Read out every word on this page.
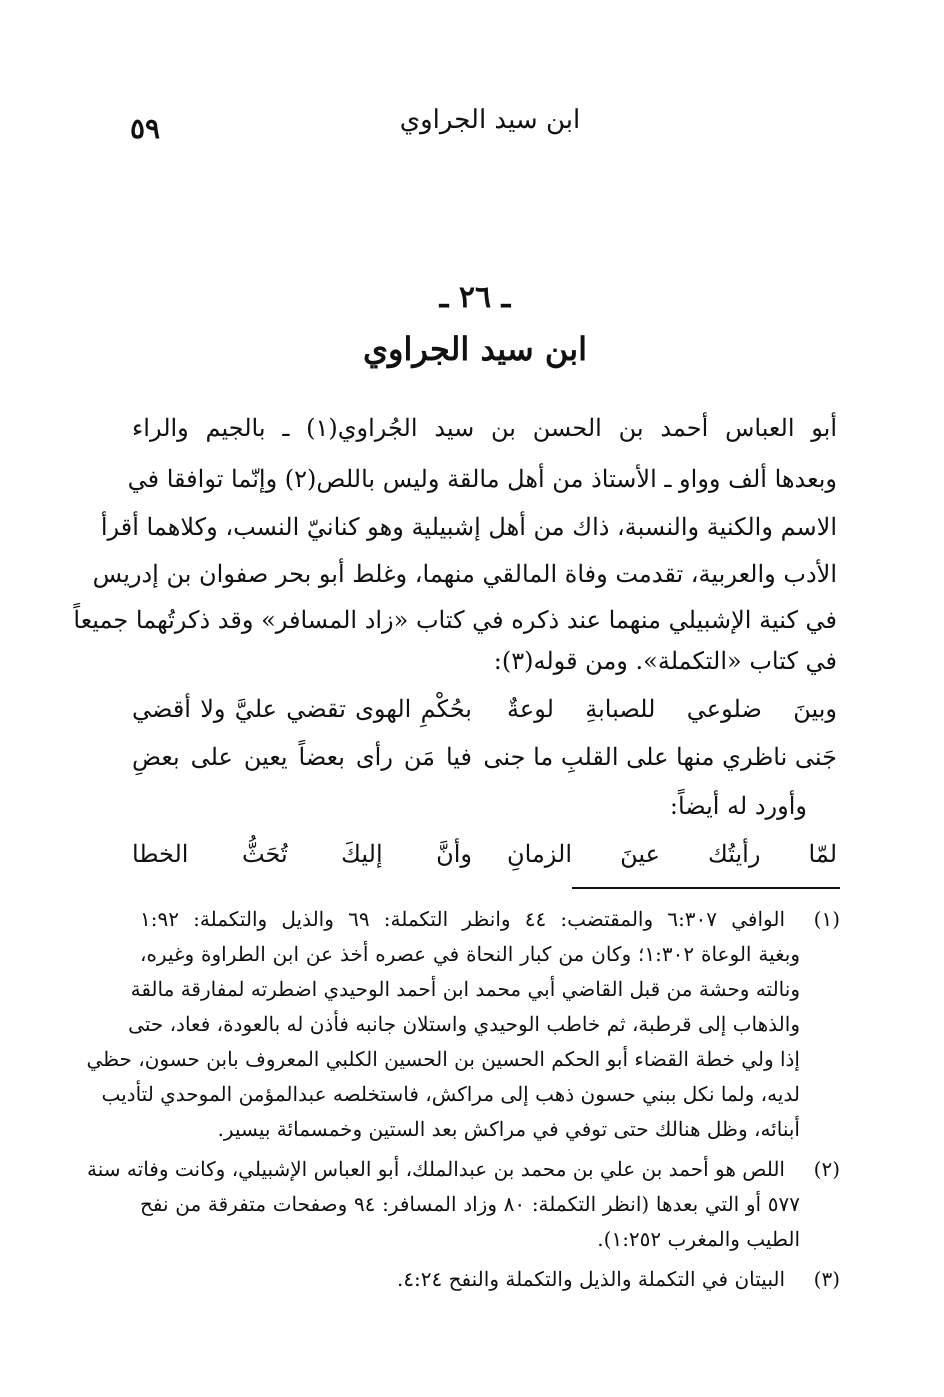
٥٩	ابن سيد الجراوي
ـ ٢٦ ـ
ابن سيد الجراوي
أبو العباس أحمد بن الحسن بن سيد الجُراوي(١) ـ بالجيم والراء
وبعدها ألف وواو ـ الأستاذ من أهل مالقة وليس باللص(٢) وإنّما توافقا في
الاسم والكنية والنسبة، ذاك من أهل إشبيلية وهو كنانيّ النسب، وكلاهما أقرأ
الأدب والعربية، تقدمت وفاة المالقي منهما، وغلط أبو بحر صفوان بن إدريس
في كنية الإشبيلي منهما عند ذكره في كتاب «زاد المسافر» وقد ذكرتُهما جميعاً
في كتاب «التكملة». ومن قوله(٣):
وبينَ ضلوعي للصبابةِ لوعةٌ
بحُكْمِ الهوى تقضي عليَّ ولا أقضي
جَنى ناظري منها على القلبِ ما جنى
فيا مَن رأى بعضاً يعين على بعضِ
وأورد له أيضاً:
لمّا رأيتُك عينَ الزمانِ
وأنَّ إليكَ تُحَثُّ الخطا
(١)
الوافي ٦:٣٠٧ والمقتضب: ٤٤ وانظر التكملة: ٦٩ والذيل والتكملة: ١:٩٢
وبغية الوعاة ١:٣٠٢؛ وكان من كبار النحاة في عصره أخذ عن ابن الطراوة وغيره،
ونالته وحشة من قبل القاضي أبي محمد ابن أحمد الوحيدي اضطرته لمفارقة مالقة
والذهاب إلى قرطبة، ثم خاطب الوحيدي واستلان جانبه فأذن له بالعودة، فعاد، حتى
إذا ولي خطة القضاء أبو الحكم الحسين بن الحسين الكلبي المعروف بابن حسون، حظي
لديه، ولما نكل ببني حسون ذهب إلى مراكش، فاستخلصه عبدالمؤمن الموحدي لتأديب
أبنائه، وظل هنالك حتى توفي في مراكش بعد الستين وخمسمائة بيسير.
(٢)
اللص هو أحمد بن علي بن محمد بن عبدالملك، أبو العباس الإشبيلي، وكانت وفاته سنة
٥٧٧ أو التي بعدها (انظر التكملة: ٨٠ وزاد المسافر: ٩٤ وصفحات متفرقة من نفح
الطيب والمغرب ١:٢٥٢).
(٣)
البيتان في التكملة والذيل والتكملة والنفح ٤:٢٤.
